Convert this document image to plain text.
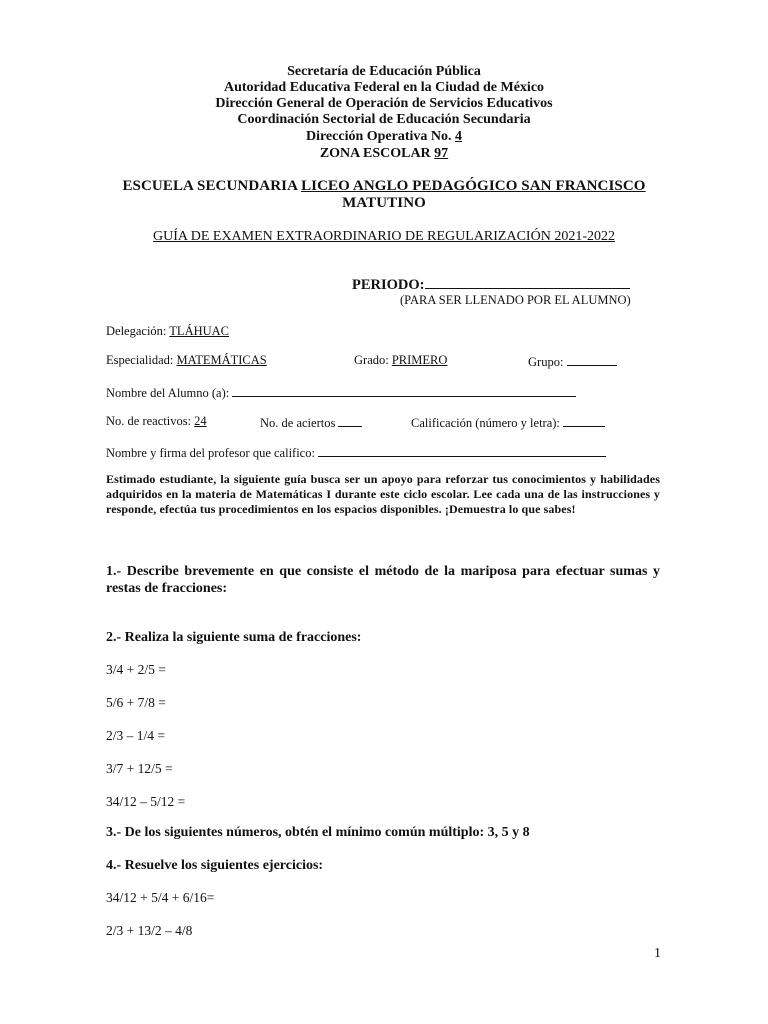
Secretaría de Educación Pública
Autoridad Educativa Federal en la Ciudad de México
Dirección General de Operación de Servicios Educativos
Coordinación Sectorial de Educación Secundaria
Dirección Operativa No. 4
ZONA ESCOLAR 97
ESCUELA SECUNDARIA LICEO ANGLO PEDAGÓGICO SAN FRANCISCO
MATUTINO
GUÍA DE EXAMEN EXTRAORDINARIO DE REGULARIZACIÓN 2021-2022
PERIODO:
(PARA SER LLENADO POR EL ALUMNO)
Delegación: TLÁHUAC
Especialidad: MATEMÁTICAS	Grado: PRIMERO	Grupo:
Nombre del Alumno (a):
No. de reactivos: 24	No. de aciertos	Calificación (número y letra):
Nombre y firma del profesor que califico:
Estimado estudiante, la siguiente guía busca ser un apoyo para reforzar tus conocimientos y habilidades adquiridos en la materia de Matemáticas I durante este ciclo escolar. Lee cada una de las instrucciones y responde, efectúa tus procedimientos en los espacios disponibles. ¡Demuestra lo que sabes!
1.- Describe brevemente en que consiste el método de la mariposa para efectuar sumas y restas de fracciones:
2.- Realiza la siguiente suma de fracciones:
3/4 + 2/5 =
5/6 + 7/8 =
2/3 – 1/4 =
3/7 + 12/5 =
34/12 – 5/12 =
3.- De los siguientes números, obtén el mínimo común múltiplo: 3, 5 y 8
4.- Resuelve los siguientes ejercicios:
34/12 + 5/4 + 6/16=
2/3 + 13/2 – 4/8
1
